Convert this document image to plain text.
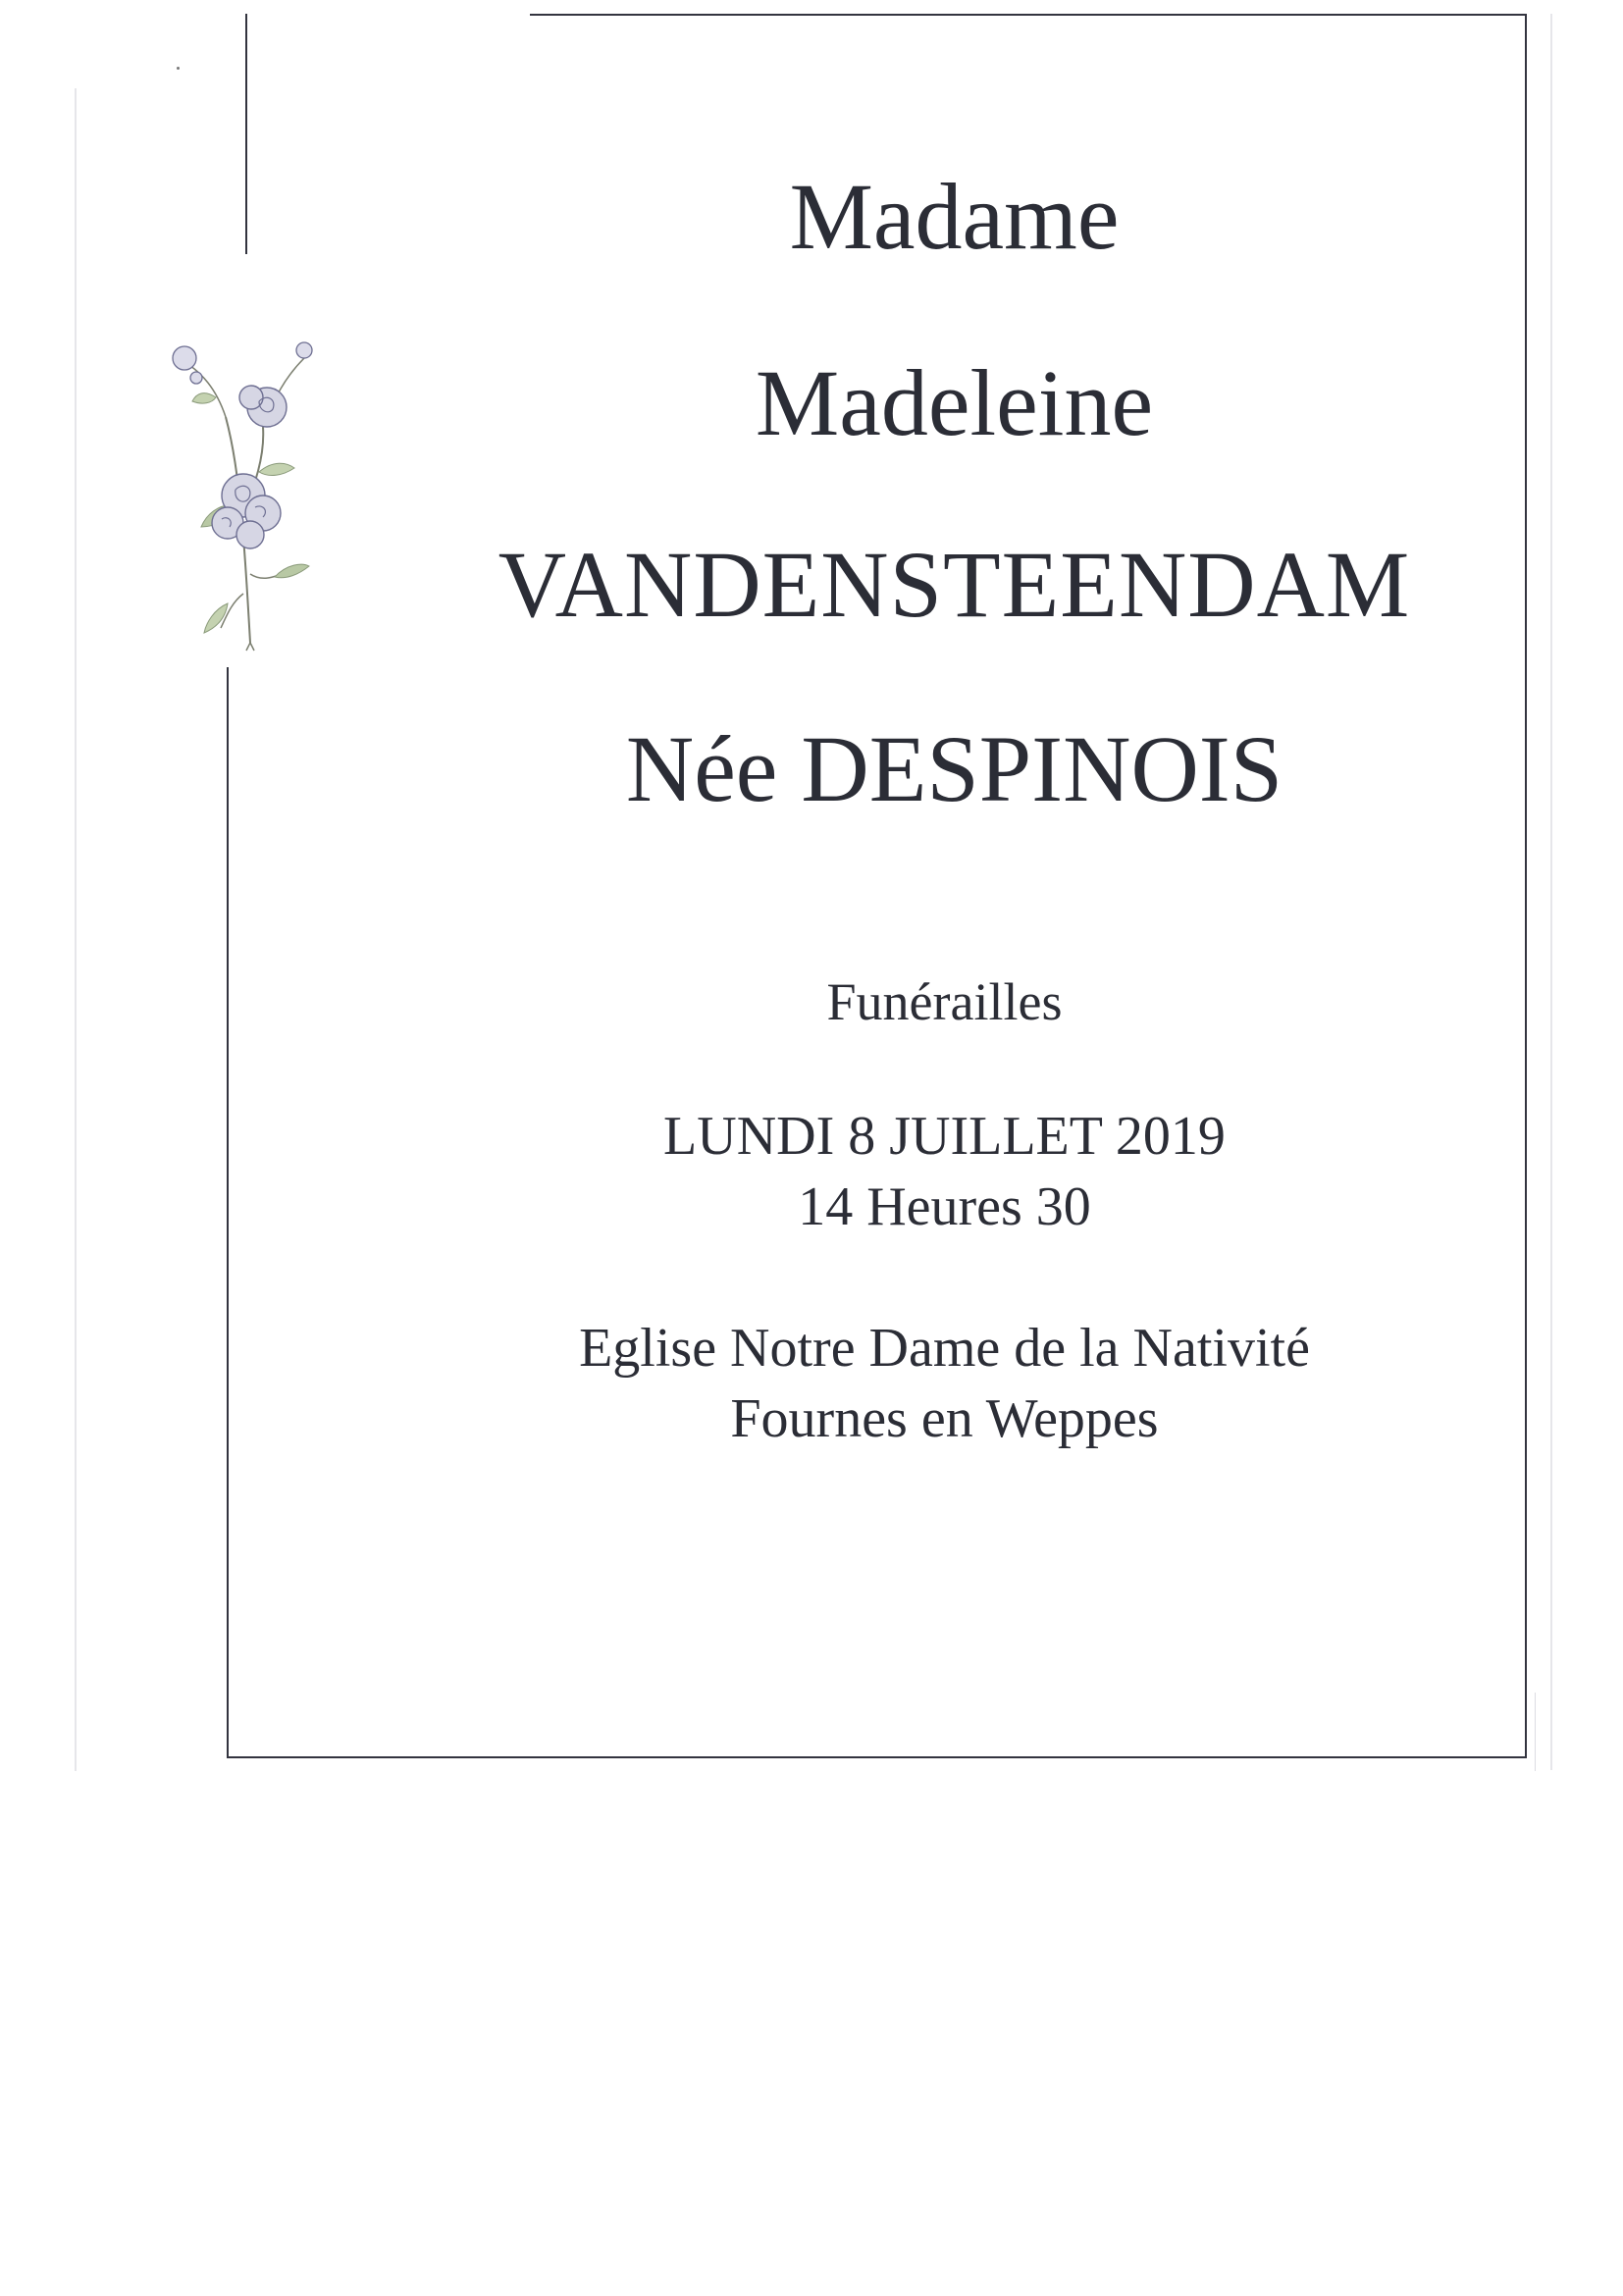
Madame
Madeleine
VANDENSTEENDAM
Née DESPINOIS
Funérailles
LUNDI 8 JUILLET 2019
14 Heures 30
Eglise Notre Dame de la Nativité
Fournes en Weppes
